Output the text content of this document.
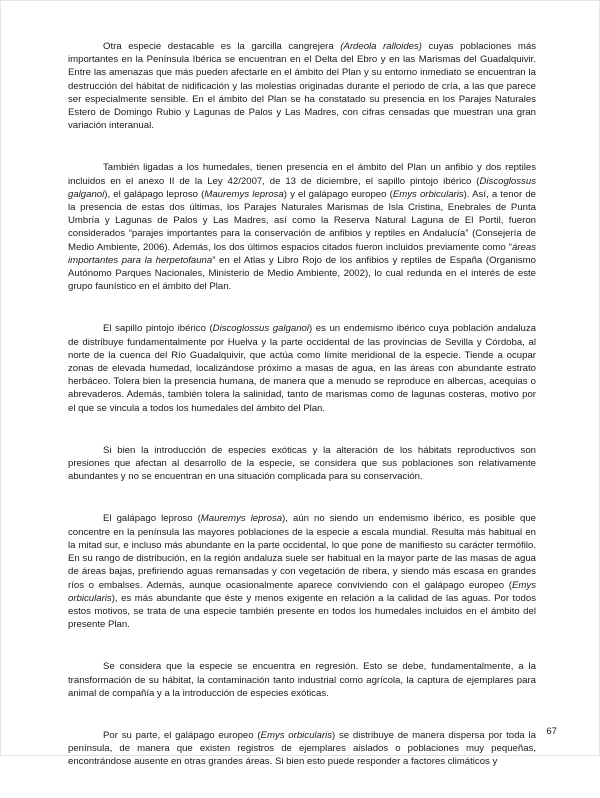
Otra especie destacable es la garcilla cangrejera (Ardeola ralloides) cuyas poblaciones más importantes en la Península Ibérica se encuentran en el Delta del Ebro y en las Marismas del Guadalquivir. Entre las amenazas que más pueden afectarle en el ámbito del Plan y su entorno inmediato se encuentran la destrucción del hábitat de nidificación y las molestias originadas durante el periodo de cría, a las que parece ser especialmente sensible. En el ámbito del Plan se ha constatado su presencia en los Parajes Naturales Estero de Domingo Rubio y Lagunas de Palos y Las Madres, con cifras censadas que muestran una gran variación interanual.

También ligadas a los humedales, tienen presencia en el ámbito del Plan un anfibio y dos reptiles incluidos en el anexo II de la Ley 42/2007, de 13 de diciembre, el sapillo pintojo ibérico (Discoglossus galganoi), el galápago leproso (Mauremys leprosa) y el galápago europeo (Emys orbicularis). Así, a tenor de la presencia de estas dos últimas, los Parajes Naturales Marismas de Isla Cristina, Enebrales de Punta Umbría y Lagunas de Palos y Las Madres, así como la Reserva Natural Laguna de El Portil, fueron considerados “parajes importantes para la conservación de anfibios y reptiles en Andalucía” (Consejería de Medio Ambiente, 2006). Además, los dos últimos espacios citados fueron incluidos previamente como “áreas importantes para la herpetofauna” en el Atlas y Libro Rojo de los anfibios y reptiles de España (Organismo Autónomo Parques Nacionales, Ministerio de Medio Ambiente, 2002), lo cual redunda en el interés de este grupo faunístico en el ámbito del Plan.

El sapillo pintojo ibérico (Discoglossus galganoi) es un endemismo ibérico cuya población andaluza de distribuye fundamentalmente por Huelva y la parte occidental de las provincias de Sevilla y Córdoba, al norte de la cuenca del Río Guadalquivir, que actúa como límite meridional de la especie. Tiende a ocupar zonas de elevada humedad, localizándose próximo a masas de agua, en las áreas con abundante estrato herbáceo. Tolera bien la presencia humana, de manera que a menudo se reproduce en albercas, acequias o abrevaderos. Además, también tolera la salinidad, tanto de marismas como de lagunas costeras, motivo por el que se vincula a todos los humedales del ámbito del Plan.

Si bien la introducción de especies exóticas y la alteración de los hábitats reproductivos son presiones que afectan al desarrollo de la especie, se considera que sus poblaciones son relativamente abundantes y no se encuentran en una situación complicada para su conservación.

El galápago leproso (Mauremys leprosa), aún no siendo un endemismo ibérico, es posible que concentre en la península las mayores poblaciones de la especie a escala mundial. Resulta más habitual en la mitad sur, e incluso más abundante en la parte occidental, lo que pone de manifiesto su carácter termófilo. En su rango de distribución, en la región andaluza suele ser habitual en la mayor parte de las masas de agua de áreas bajas, prefiriendo aguas remansadas y con vegetación de ribera, y siendo más escasa en grandes ríos o embalses. Además, aunque ocasionalmente aparece conviviendo con el galápago europeo (Emys orbicularis), es más abundante que éste y menos exigente en relación a la calidad de las aguas. Por todos estos motivos, se trata de una especie también presente en todos los humedales incluidos en el ámbito del presente Plan.

Se considera que la especie se encuentra en regresión. Esto se debe, fundamentalmente, a la transformación de su hábitat, la contaminación tanto industrial como agrícola, la captura de ejemplares para animal de compañía y a la introducción de especies exóticas.

Por su parte, el galápago europeo (Emys orbicularis) se distribuye de manera dispersa por toda la península, de manera que existen registros de ejemplares aislados o poblaciones muy pequeñas, encontrándose ausente en otras grandes áreas. Si bien esto puede responder a factores climáticos y

67
